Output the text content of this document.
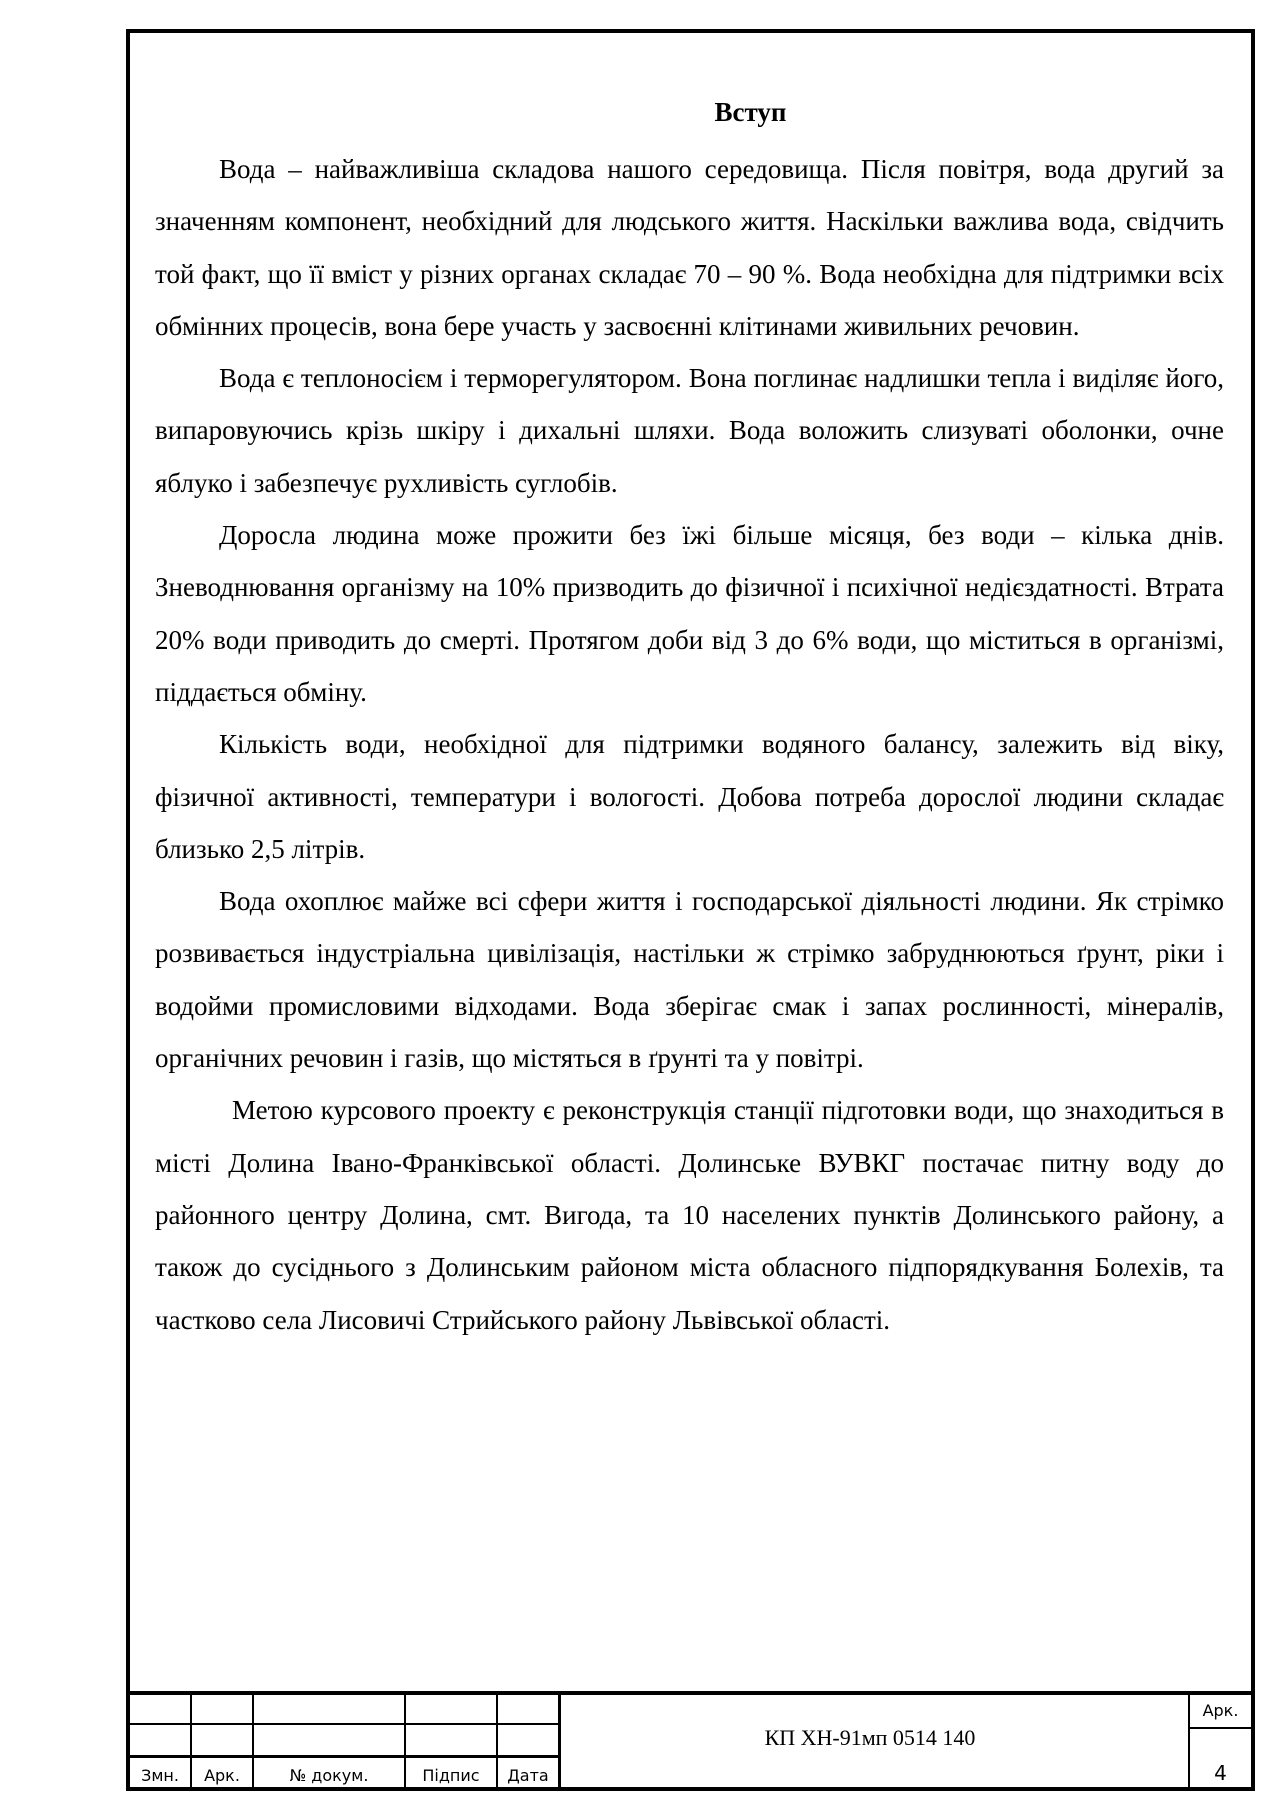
Вступ

Вода – найважливіша складова нашого середовища. Після повітря, вода другий за значенням компонент, необхідний для людського життя. Наскільки важлива вода, свідчить той факт, що її вміст у різних органах складає 70 – 90 %. Вода необхідна для підтримки всіх обмінних процесів, вона бере участь у засвоєнні клітинами живильних речовин.

Вода є теплоносієм і терморегулятором. Вона поглинає надлишки тепла і виділяє його, випаровуючись крізь шкіру і дихальні шляхи. Вода воложить слизуваті оболонки, очне яблуко і забезпечує рухливість суглобів.

Доросла людина може прожити без їжі більше місяця, без води – кілька днів. Зневоднювання організму на 10% призводить до фізичної і психічної недієздатності. Втрата 20% води приводить до смерті. Протягом доби від 3 до 6% води, що міститься в організмі, піддається обміну.

Кількість води, необхідної для підтримки водяного балансу, залежить від віку, фізичної активності, температури і вологості. Добова потреба дорослої людини складає близько 2,5 літрів.

Вода охоплює майже всі сфери життя і господарської діяльності людини. Як стрімко розвивається індустріальна цивілізація, настільки ж стрімко забруднюються ґрунт, ріки і водойми промисловими відходами. Вода зберігає смак і запах рослинності, мінералів, органічних речовин і газів, що містяться в ґрунті та у повітрі.

Метою курсового проекту є реконструкція станції підготовки води, що знаходиться в місті Долина Івано-Франківської області. Долинське ВУВКГ постачає питну воду до районного центру Долина, смт. Вигода, та 10 населених пунктів Долинського району, а також до сусіднього з Долинським районом міста обласного підпорядкування Болехів, та частково села Лисовичі Стрийського району Львівської області.

Змн.	Арк.	№ докум.	Підпис	Дата
КП ХН-91мп 0514 140
Арк.
4
